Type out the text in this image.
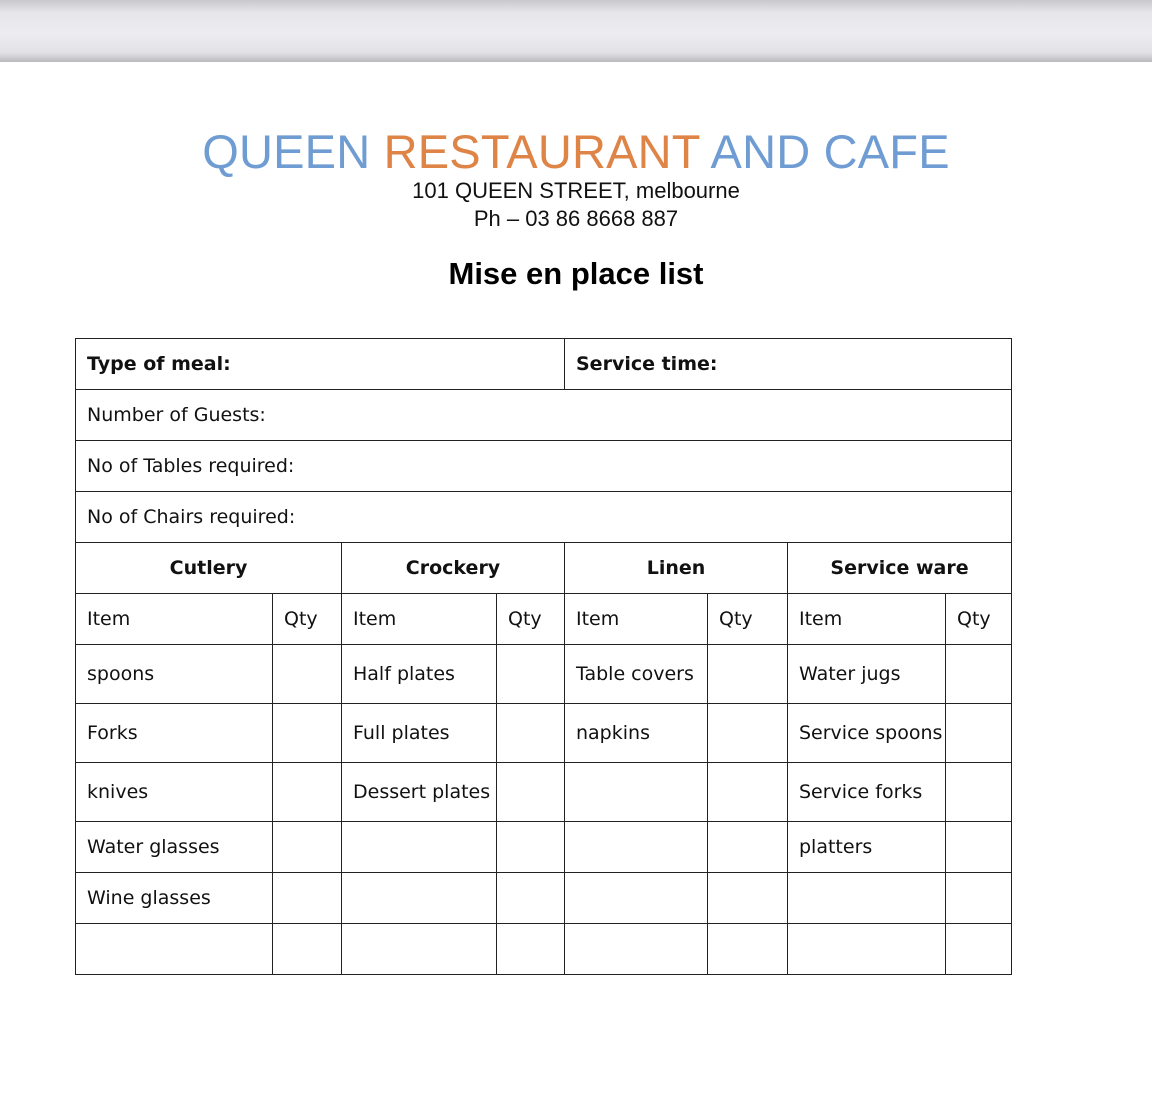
QUEEN RESTAURANT AND CAFE
101 QUEEN STREET, melbourne
Ph – 03 86 8668 887
Mise en place list
Type of meal:				Service time:			
Number of Guests:							
No of Tables required:							
No of Chairs required:							
Cutlery		Crockery		Linen		Service ware	
Item	Qty	Item	Qty	Item	Qty	Item	Qty
spoons		Half plates		Table covers		Water jugs	
Forks		Full plates		napkins		Service spoons	
knives		Dessert plates				Service forks	
Water glasses						platters	
Wine glasses							
